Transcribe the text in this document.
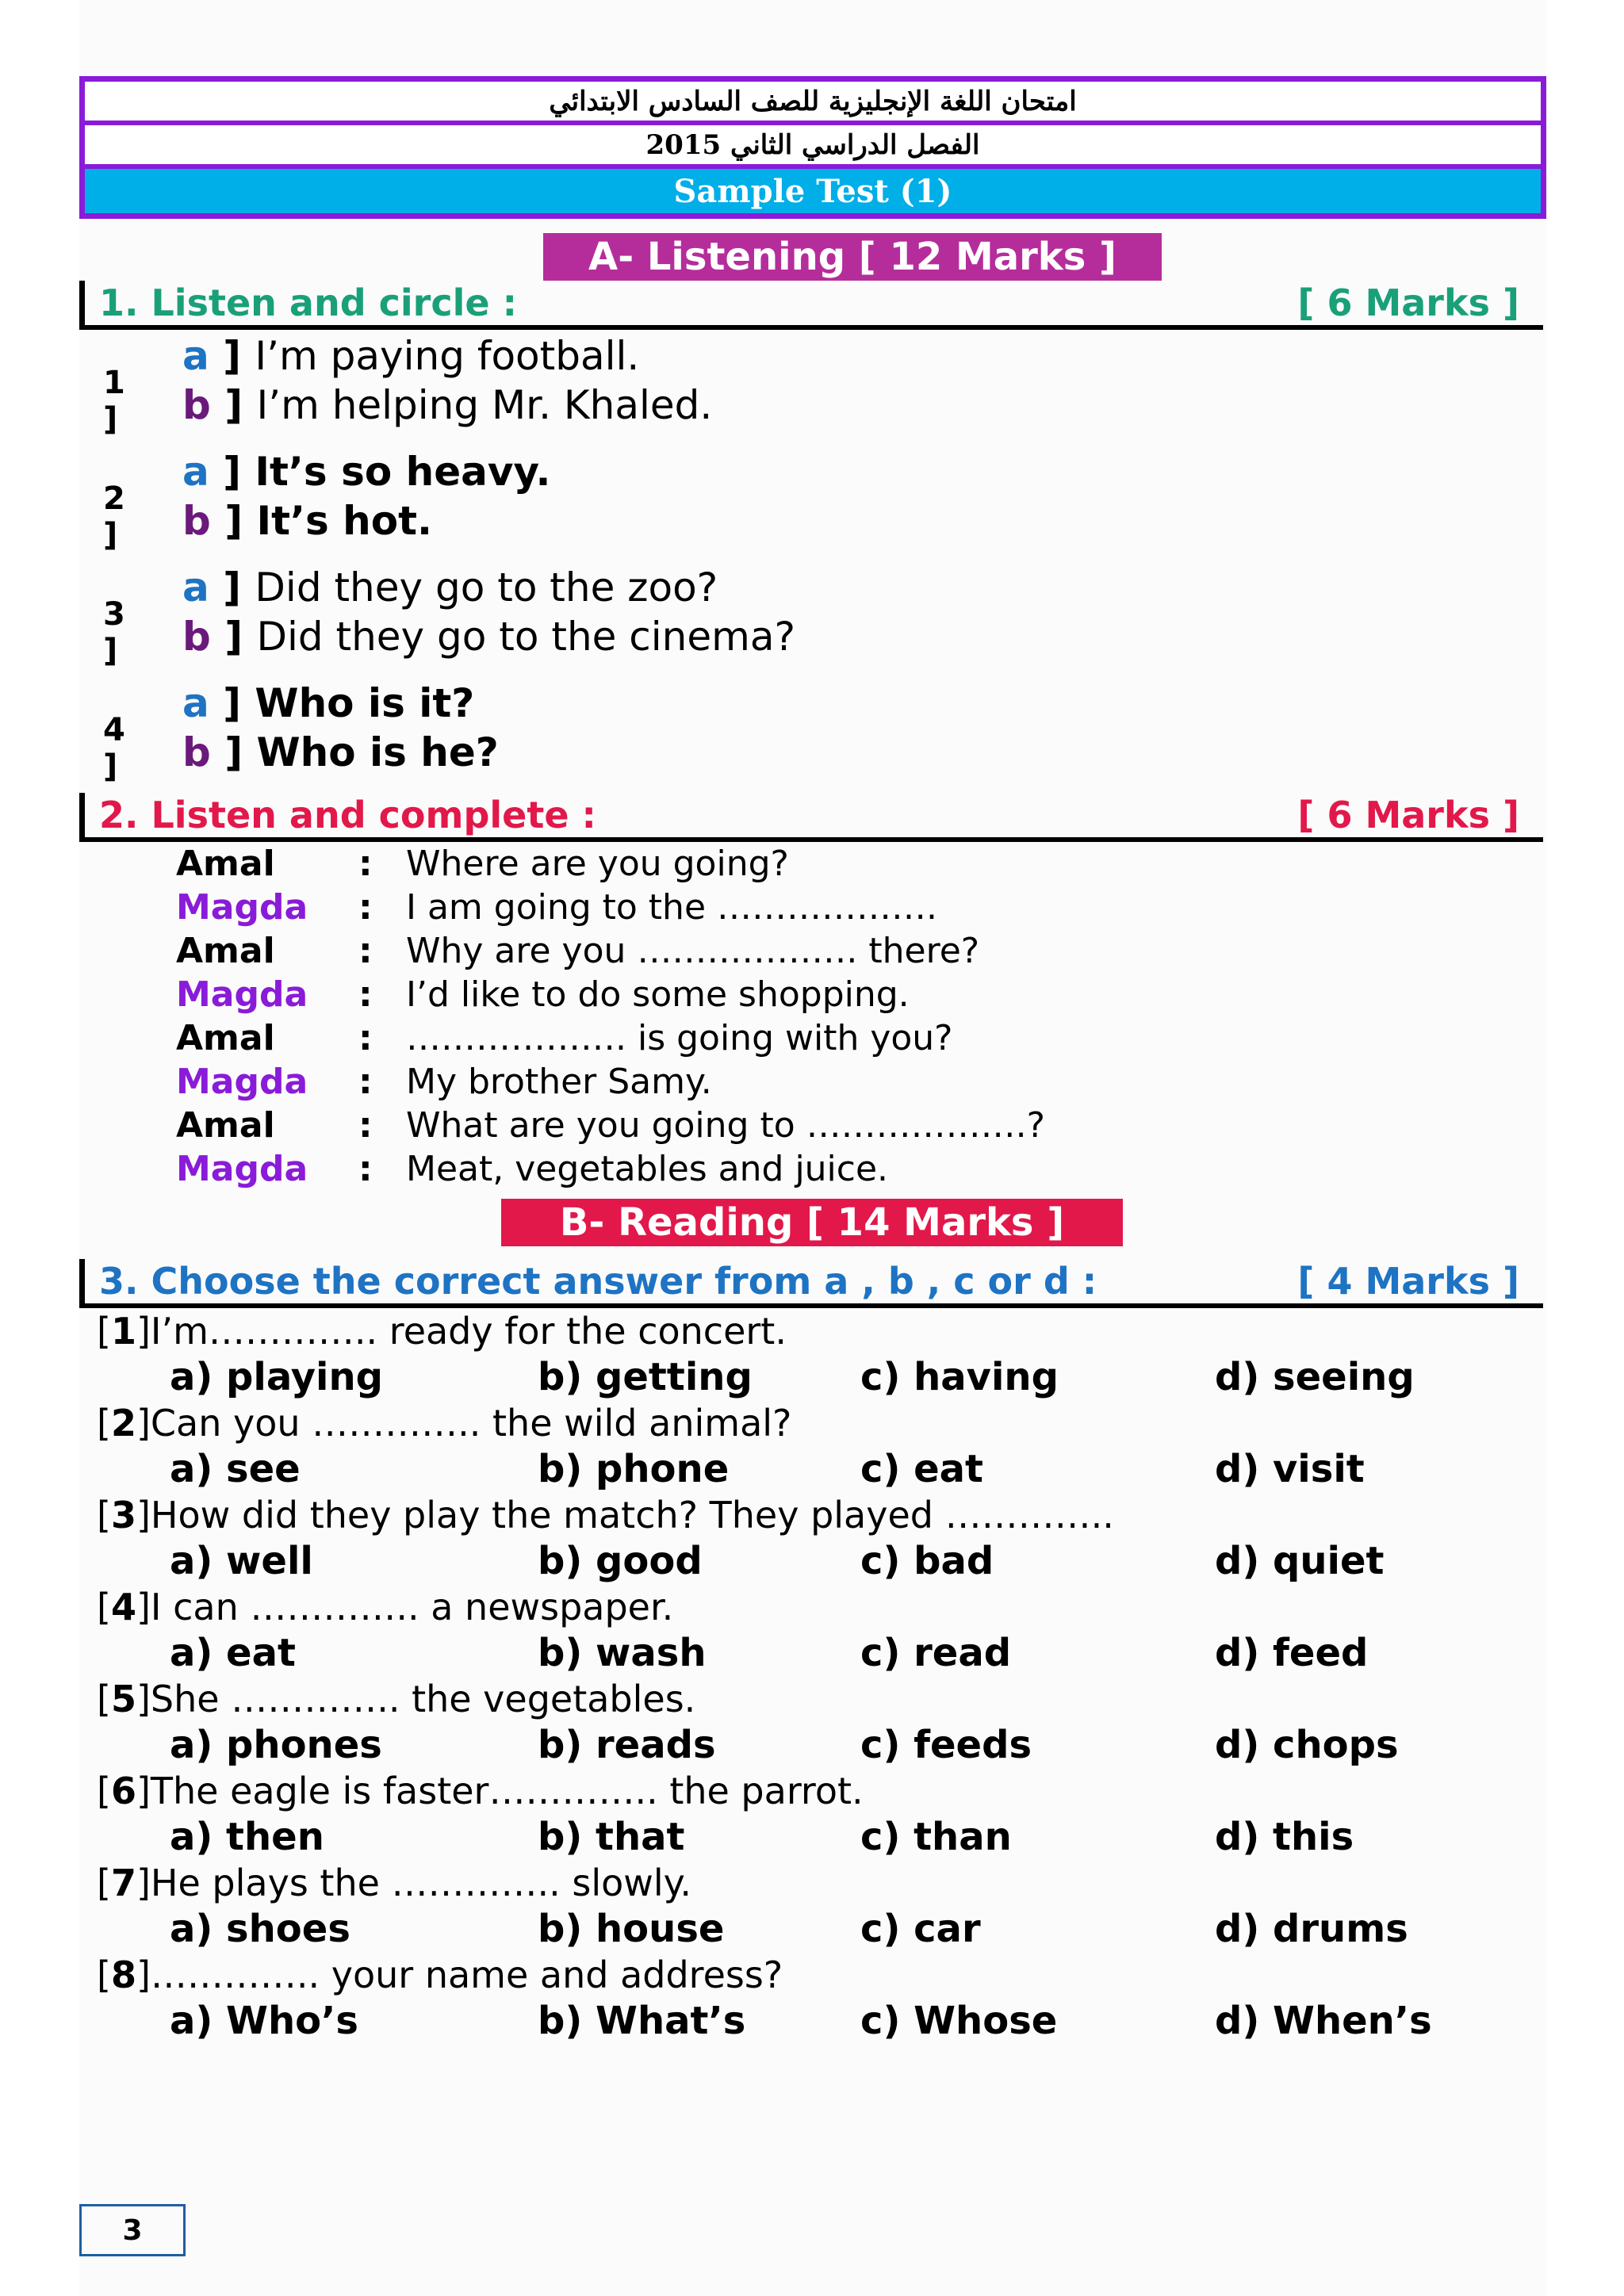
امتحان اللغة الإنجليزية للصف السادس الابتدائي
الفصل الدراسي الثاني 2015
Sample Test (1)
A- Listening [ 12 Marks ]
1. Listen and circle :	[ 6 Marks ]
1 ]
a ] I’m paying football.
b ] I’m helping Mr. Khaled.
2 ]
a ] It’s so heavy.
b ] It’s hot.
3 ]
a ] Did they go to the zoo?
b ] Did they go to the cinema?
4 ]
a ] Who is it?
b ] Who is he?
2. Listen and complete :	[ 6 Marks ]
Amal	: Where are you going?
Magda	: I am going to the ……………….
Amal	: Why are you ………………. there?
Magda	: I’d like to do some shopping.
Amal	: ………………. is going with you?
Magda	: My brother Samy.
Amal	: What are you going to ……………….?
Magda	: Meat, vegetables and juice.
B- Reading [ 14 Marks ]
3. Choose the correct answer from a , b , c or d :	[ 4 Marks ]
[ 1 ] I’m………….. ready for the concert.
a) playing	b) getting	c) having	d) seeing
[ 2 ] Can you ………….. the wild animal?
a) see	b) phone	c) eat	d) visit
[ 3 ] How did they play the match? They played …………..
a) well	b) good	c) bad	d) quiet
[ 4 ] I can ………….. a newspaper.
a) eat	b) wash	c) read	d) feed
[ 5 ] She ………….. the vegetables.
a) phones	b) reads	c) feeds	d) chops
[ 6 ] The eagle is faster………….. the parrot.
a) then	b) that	c) than	d) this
[ 7 ] He plays the ………….. slowly.
a) shoes	b) house	c) car	d) drums
[ 8 ] ………….. your name and address?
a) Who’s	b) What’s	c) Whose	d) When’s
3
